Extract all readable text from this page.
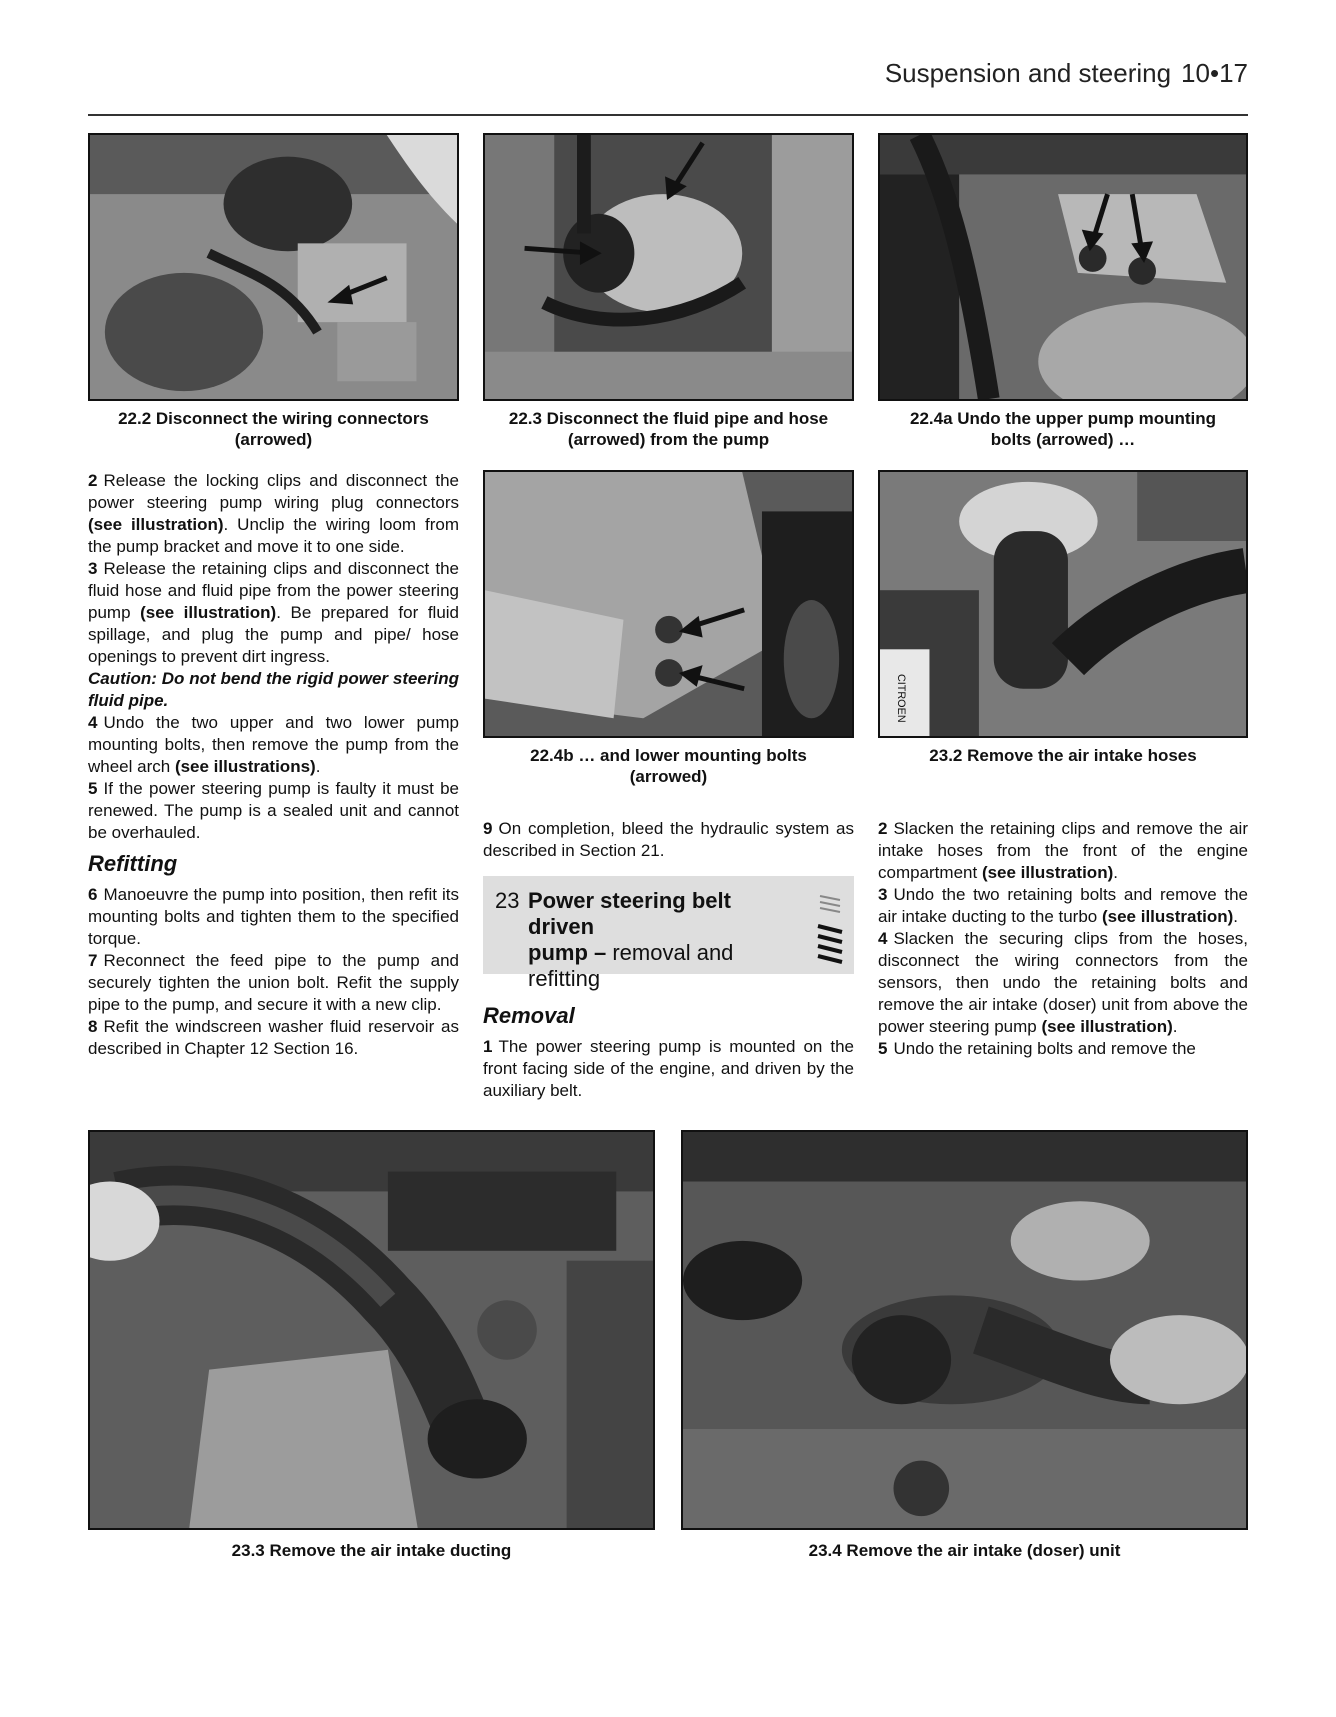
Suspension and steering 10•17
22.2 Disconnect the wiring connectors
(arrowed)
22.3 Disconnect the fluid pipe and hose
(arrowed) from the pump
22.4a Undo the upper pump mounting
bolts (arrowed) …
22.4b … and lower mounting bolts
(arrowed)
CITROEN
23.2 Remove the air intake hoses

2 Release the locking clips and disconnect the power steering pump wiring plug connectors (see illustration). Unclip the wiring loom from the pump bracket and move it to one side.

3 Release the retaining clips and disconnect the fluid hose and fluid pipe from the power steering pump (see illustration). Be prepared for fluid spillage, and plug the pump and pipe/ hose openings to prevent dirt ingress.

Caution: Do not bend the rigid power steering fluid pipe.

4 Undo the two upper and two lower pump mounting bolts, then remove the pump from the wheel arch (see illustrations).

5 If the power steering pump is faulty it must be renewed. The pump is a sealed unit and cannot be overhauled.

Refitting

6 Manoeuvre the pump into position, then refit its mounting bolts and tighten them to the specified torque.

7 Reconnect the feed pipe to the pump and securely tighten the union bolt. Refit the supply pipe to the pump, and secure it with a new clip.

8 Refit the windscreen washer fluid reservoir as described in Chapter 12 Section 16.

9 On completion, bleed the hydraulic system as described in Section 21.

23 Power steering belt driven
pump – removal and refitting
Removal

1 The power steering pump is mounted on the front facing side of the engine, and driven by the auxiliary belt.

2 Slacken the retaining clips and remove the air intake hoses from the front of the engine compartment (see illustration).

3 Undo the two retaining bolts and remove the air intake ducting to the turbo (see illustration).

4 Slacken the securing clips from the hoses, disconnect the wiring connectors from the sensors, then undo the retaining bolts and remove the air intake (doser) unit from above the power steering pump (see illustration).

5 Undo the retaining bolts and remove the

23.3 Remove the air intake ducting	23.4 Remove the air intake (doser) unit
